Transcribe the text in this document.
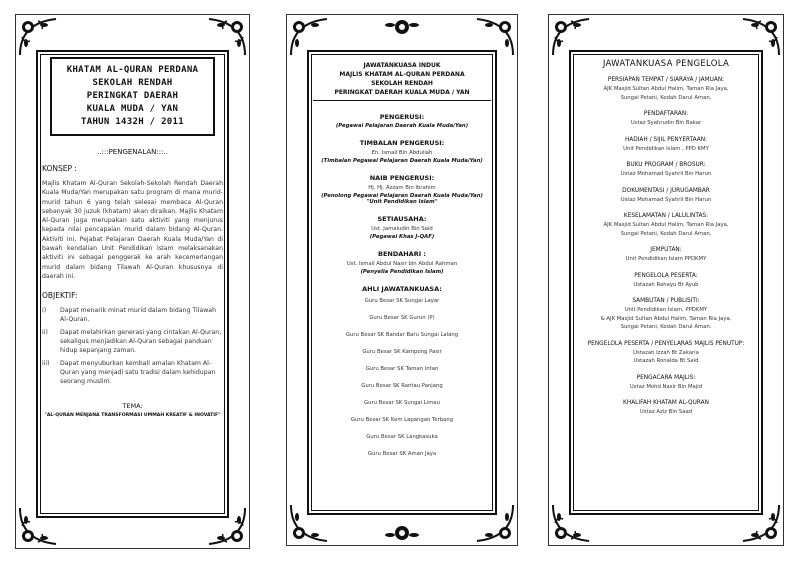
KHATAM AL-QURAN PERDANA
SEKOLAH RENDAH
PERINGKAT DAERAH
KUALA MUDA / YAN
TAHUN 1432H / 2011
..:::PENGENALAN:::..
KONSEP :
Majlis Khatam Al-Quran Sekolah-Sekolah Rendah Daerah Kuala Muda/Yan merupakan satu program di mana murid-murid tahun 6 yang telah selesai membaca Al-Quran sebanyak 30 juzuk (khatam) akan diraikan. Majlis Khatam Al-Quran juga merupakan satu aktiviti yang menjurus kepada nilai pencapaian murid dalam bidang Al-Quran. Aktiviti ini, Pejabat Pelajaran Daerah Kuala Muda/Yan di bawah kendalian Unit Pendidikan Islam melaksanakan aktiviti ini sebagai penggerak ke arah kecemerlangan murid dalam bidang Tilawah Al-Quran khususnya di daerah ini.
OBJEKTIF:
i)	Dapat menarik minat murid dalam bidang Tilawah Al-Quran.
ii)	Dapat melahirkan generasi yang cintakan Al-Quran, sekaligus menjadikan Al-Quran sebagai panduan hidup sepanjang zaman.
iii)	Dapat menyuburkan kembali amalan Khatam Al-Quran yang menjadi satu tradisi dalam kehidupan seorang muslim.
TEMA:
"AL-QURAN MENJANA TRANSFORMASI UMMAH KREATIF & INOVATIF"
JAWATANKUASA INDUK
MAJLIS KHATAM AL-QURAN PERDANA
SEKOLAH RENDAH
PERINGKAT DAERAH KUALA MUDA / YAN
PENGERUSI:
(Pegawai Pelajaran Daerah Kuala Muda/Yan)
TIMBALAN PENGERUSI:
En. Ismail Bin Abdullah
(Timbalan Pegawai Pelajaran Daerah Kuala Muda/Yan)
NAIB PENGERUSI:
Hj. Hj. Azzam Bin Ibrahim
(Penolong Pegawai Pelajaran Daerah Kuala Muda/Yan) "Unit Pendidikan Islam"
SETIAUSAHA:
Ust. Jamaludin Bin Said
(Pegawai Khas J-QAF)
BENDAHARI :
Ust. Ismail Abdul Nasir bin Abdul Rahman
(Penyelia Pendidikan Islam)
AHLI JAWATANKUASA:
Guru Besar SK Sungai Layar
Guru Besar SK Gurun (P)
Guru Besar SK Bandar Baru Sungai Lalang
Guru Besar SK Kampong Pasir
Guru Besar SK Taman Intan
Guru Besar SK Rantau Panjang
Guru Besar SK Sungai Limau
Guru Besar SK Kem Lapangan Terbang
Guru Besar SK Langkasuka
Guru Besar SK Aman Jaya
JAWATANKUASA PENGELOLA
PERSIAPAN TEMPAT / SIARAYA / JAMUAN:
AJK Masjid Sultan Abdul Halim, Taman Ria Jaya,
Sungai Petani, Kedah Darul Aman.
PENDAFTARAN:
Ustaz Syahrudin Bin Bakar
HADIAH / SIJIL PENYERTAAN:
Unit Pendidikan Islam , PPD KMY
BUKU PROGRAM / BROSUR:
Ustaz Mohamad Syahril Bin Harun
DOKUMENTASI / JURUGAMBAR
Ustaz Mohamad Syahril Bin Harun
KESELAMATAN / LALULINTAS:
AJK Masjid Sultan Abdul Halim, Taman Ria Jaya,
Sungai Petani, Kedah Darul Aman.
JEMPUTAN:
Unit Pendidikan Islam PPDKMY
PENGELOLA PESERTA:
Ustazah Rahayu Bt Ayub
SAMBUTAN / PUBLISITI:
Unit Pendidikan Islam, PPDKMY
& AJK Masjid Sultan Abdul Halim, Taman Ria Jaya,
Sungai Petani, Kedah Darul Aman.
PENGELOLA PESERTA / PENYELARAS MAJLIS PENUTUP:
Ustazah Izzah Bt Zakaria
Ustazah Ronalda Bt Said
PENGACARA MAJLIS:
Ustaz Mohd Nasir Bin Majid
KHALIFAH KHATAM AL-QURAN
Ustaz Aziz Bin Saad
